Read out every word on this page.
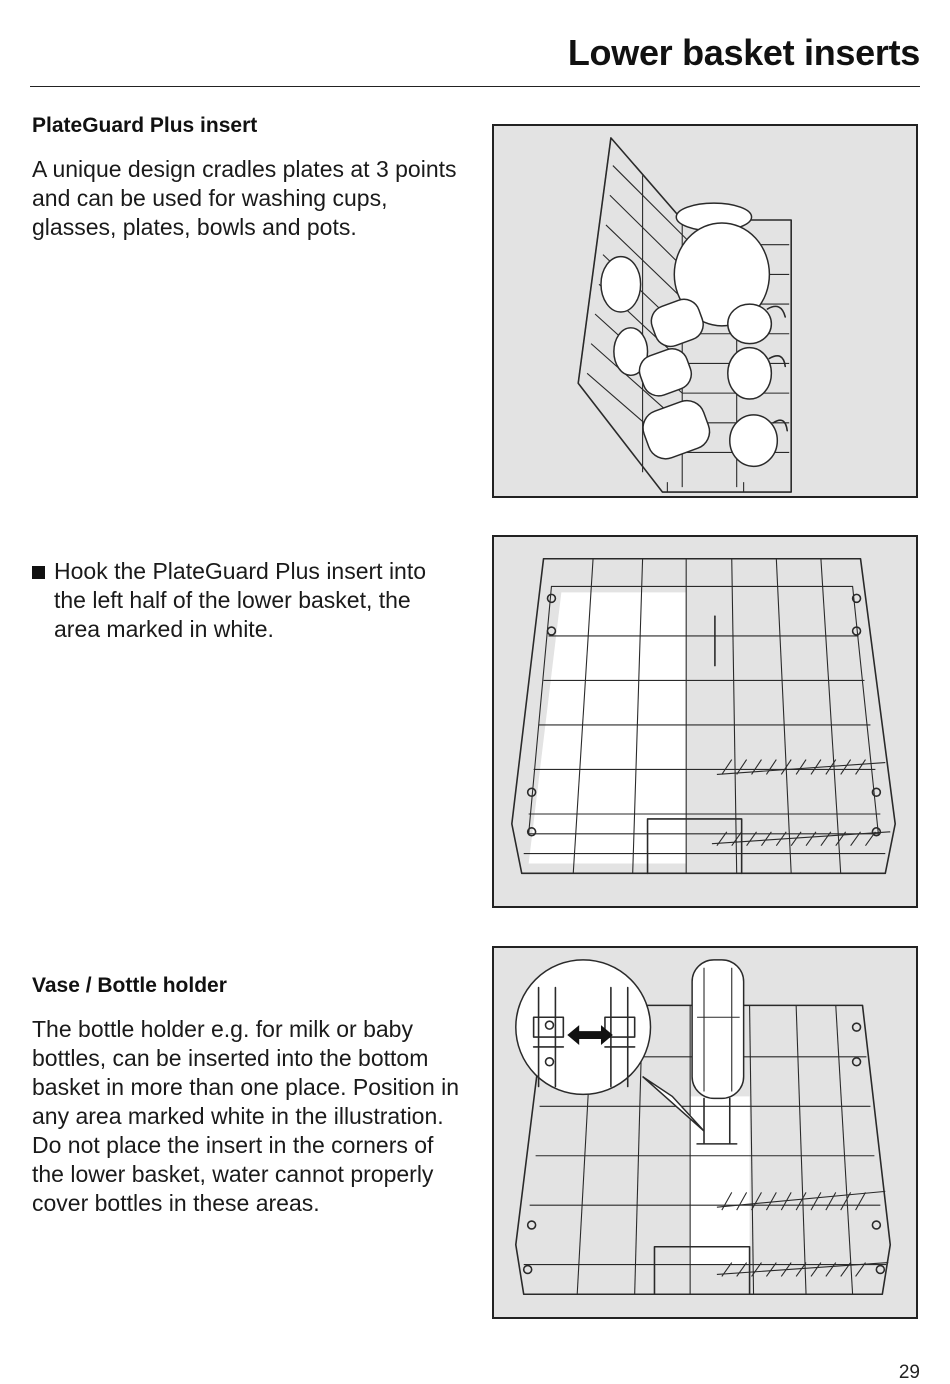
Lower basket inserts
PlateGuard Plus insert
A unique design cradles plates at 3 points and can be used for washing cups, glasses, plates, bowls and pots.
Hook the PlateGuard Plus insert into the left half of the lower basket, the area marked in white.
Vase / Bottle holder
The bottle holder e.g. for milk or baby bottles, can be inserted into the bottom basket in more than one place. Position in any area marked white in the illustration. Do not place the insert in the corners of the lower basket, water cannot properly cover bottles in these areas.
29
